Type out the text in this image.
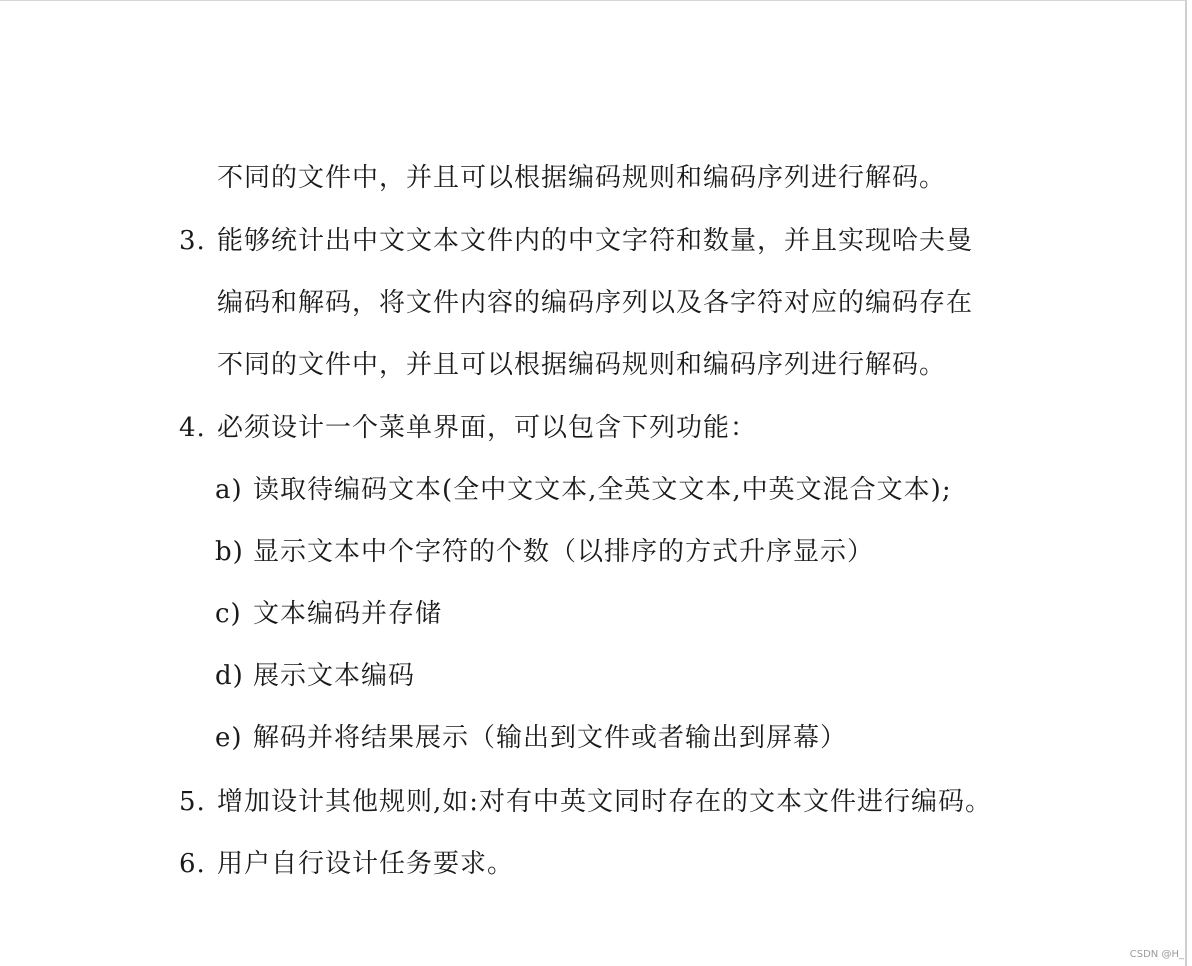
不同的文件中，并且可以根据编码规则和编码序列进行解码。
3. 能够统计出中文文本文件内的中文字符和数量，并且实现哈夫曼
编码和解码，将文件内容的编码序列以及各字符对应的编码存在
不同的文件中，并且可以根据编码规则和编码序列进行解码。
4. 必须设计一个菜单界面，可以包含下列功能：
a) 读取待编码文本(全中文文本,全英文文本,中英文混合文本);
b) 显示文本中个字符的个数（以排序的方式升序显示）
c) 文本编码并存储
d) 展示文本编码
e) 解码并将结果展示（输出到文件或者输出到屏幕）
5. 增加设计其他规则,如:对有中英文同时存在的文本文件进行编码。
6. 用户自行设计任务要求。
CSDN @H_
